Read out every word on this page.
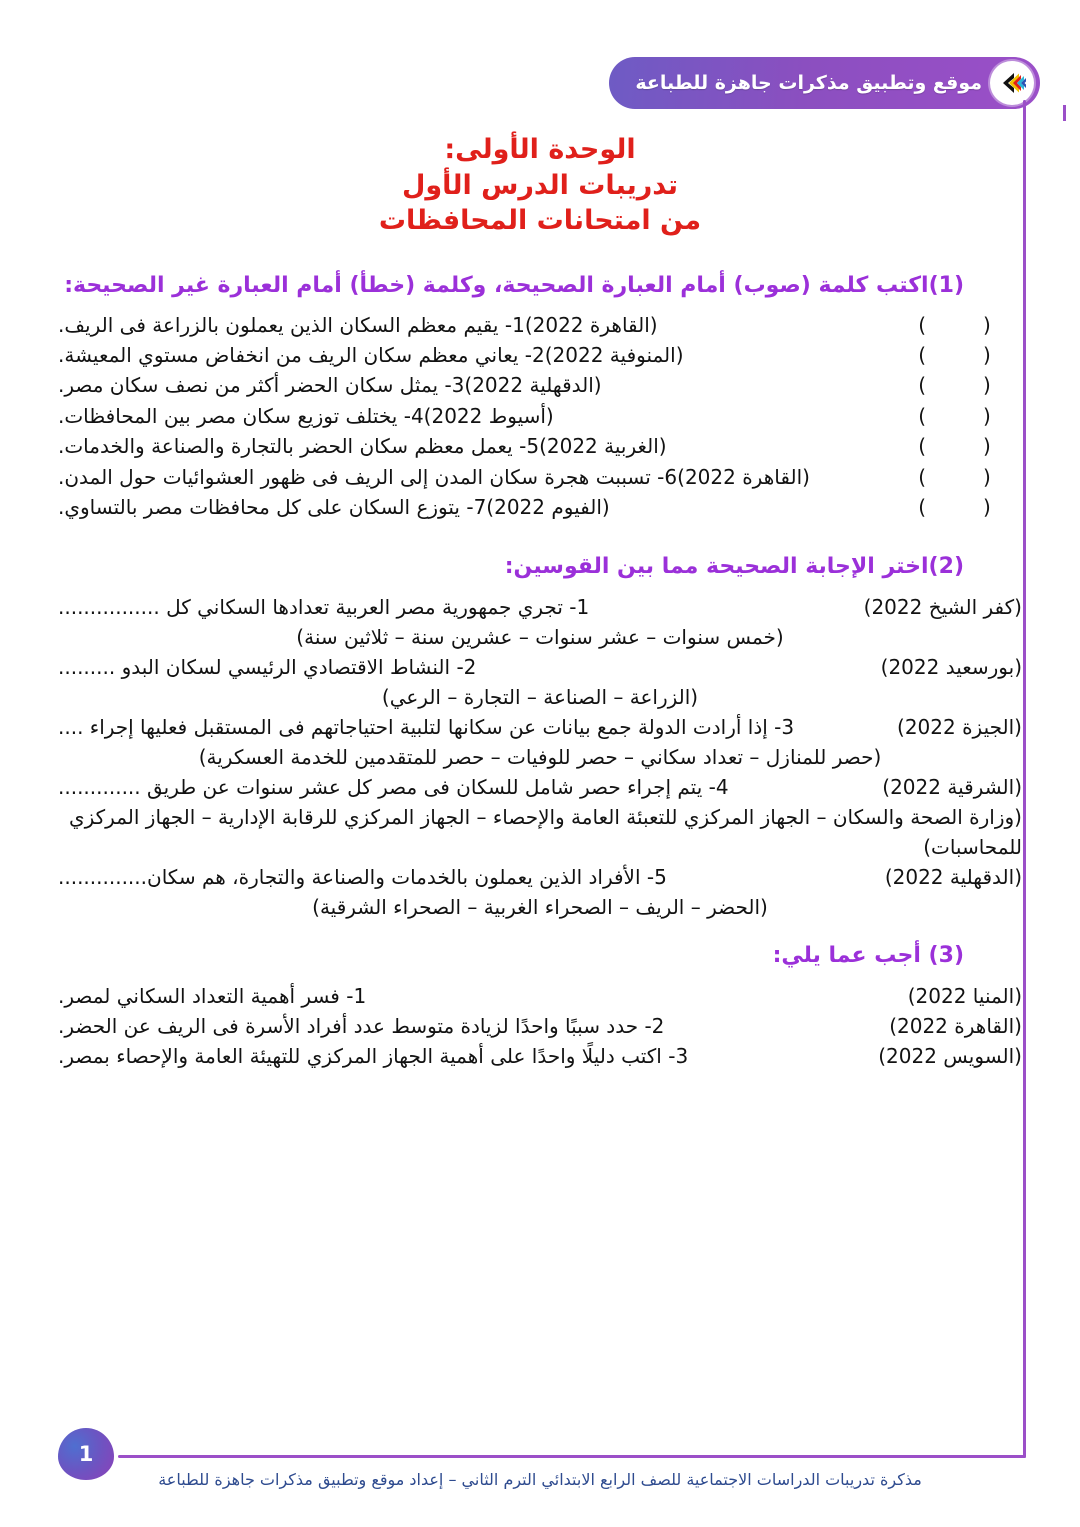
موقع وتطبيق مذكرات جاهزة للطباعة
الوحدة الأولى:
تدريبات الدرس الأول
من امتحانات المحافظات
(1)اكتب كلمة (صوب) أمام العبارة الصحيحة، وكلمة (خطأ) أمام العبارة غير الصحيحة:
()
(القاهرة 2022)
1- يقيم معظم السكان الذين يعملون بالزراعة فى الريف.
()
(المنوفية 2022)
2- يعاني معظم سكان الريف من انخفاض مستوي المعيشة.
()
(الدقهلية 2022)
3- يمثل سكان الحضر أكثر من نصف سكان مصر.
()
(أسيوط 2022)
4- يختلف توزيع سكان مصر بين المحافظات.
()
(الغربية 2022)
5- يعمل معظم سكان الحضر بالتجارة والصناعة والخدمات.
()
(القاهرة 2022)
6- تسببت هجرة سكان المدن إلى الريف فى ظهور العشوائيات حول المدن.
()
(الفيوم 2022)
7- يتوزع السكان على كل محافظات مصر بالتساوي.
(2)اختر الإجابة الصحيحة مما بين القوسين:
(كفر الشيخ 2022)
1- تجري جمهورية مصر العربية تعدادها السكاني كل ................
(خمس سنوات – عشر سنوات – عشرين سنة – ثلاثين سنة)
(بورسعيد 2022)
2- النشاط الاقتصادي الرئيسي لسكان البدو .........
(الزراعة – الصناعة – التجارة – الرعي)
(الجيزة 2022)
3- إذا أرادت الدولة جمع بيانات عن سكانها لتلبية احتياجاتهم فى المستقبل فعليها إجراء ....
(حصر للمنازل – تعداد سكاني – حصر للوفيات – حصر للمتقدمين للخدمة العسكرية)
(الشرقية 2022)
4- يتم إجراء حصر شامل للسكان فى مصر كل عشر سنوات عن طريق .............
(وزارة الصحة والسكان – الجهاز المركزي للتعبئة العامة والإحصاء – الجهاز المركزي للرقابة الإدارية – الجهاز المركزي للمحاسبات)
(الدقهلية 2022)
5- الأفراد الذين يعملون بالخدمات والصناعة والتجارة، هم سكان..............
(الحضر – الريف – الصحراء الغربية – الصحراء الشرقية)
(3) أجب عما يلي:
(المنيا 2022)
1- فسر أهمية التعداد السكاني لمصر.
(القاهرة 2022)
2- حدد سببًا واحدًا لزيادة متوسط عدد أفراد الأسرة فى الريف عن الحضر.
(السويس 2022)
3- اكتب دليلًا واحدًا على أهمية الجهاز المركزي للتهيئة العامة والإحصاء بمصر.
1
مذكرة تدريبات الدراسات الاجتماعية للصف الرابع الابتدائي الترم الثاني – إعداد موقع وتطبيق مذكرات جاهزة للطباعة
